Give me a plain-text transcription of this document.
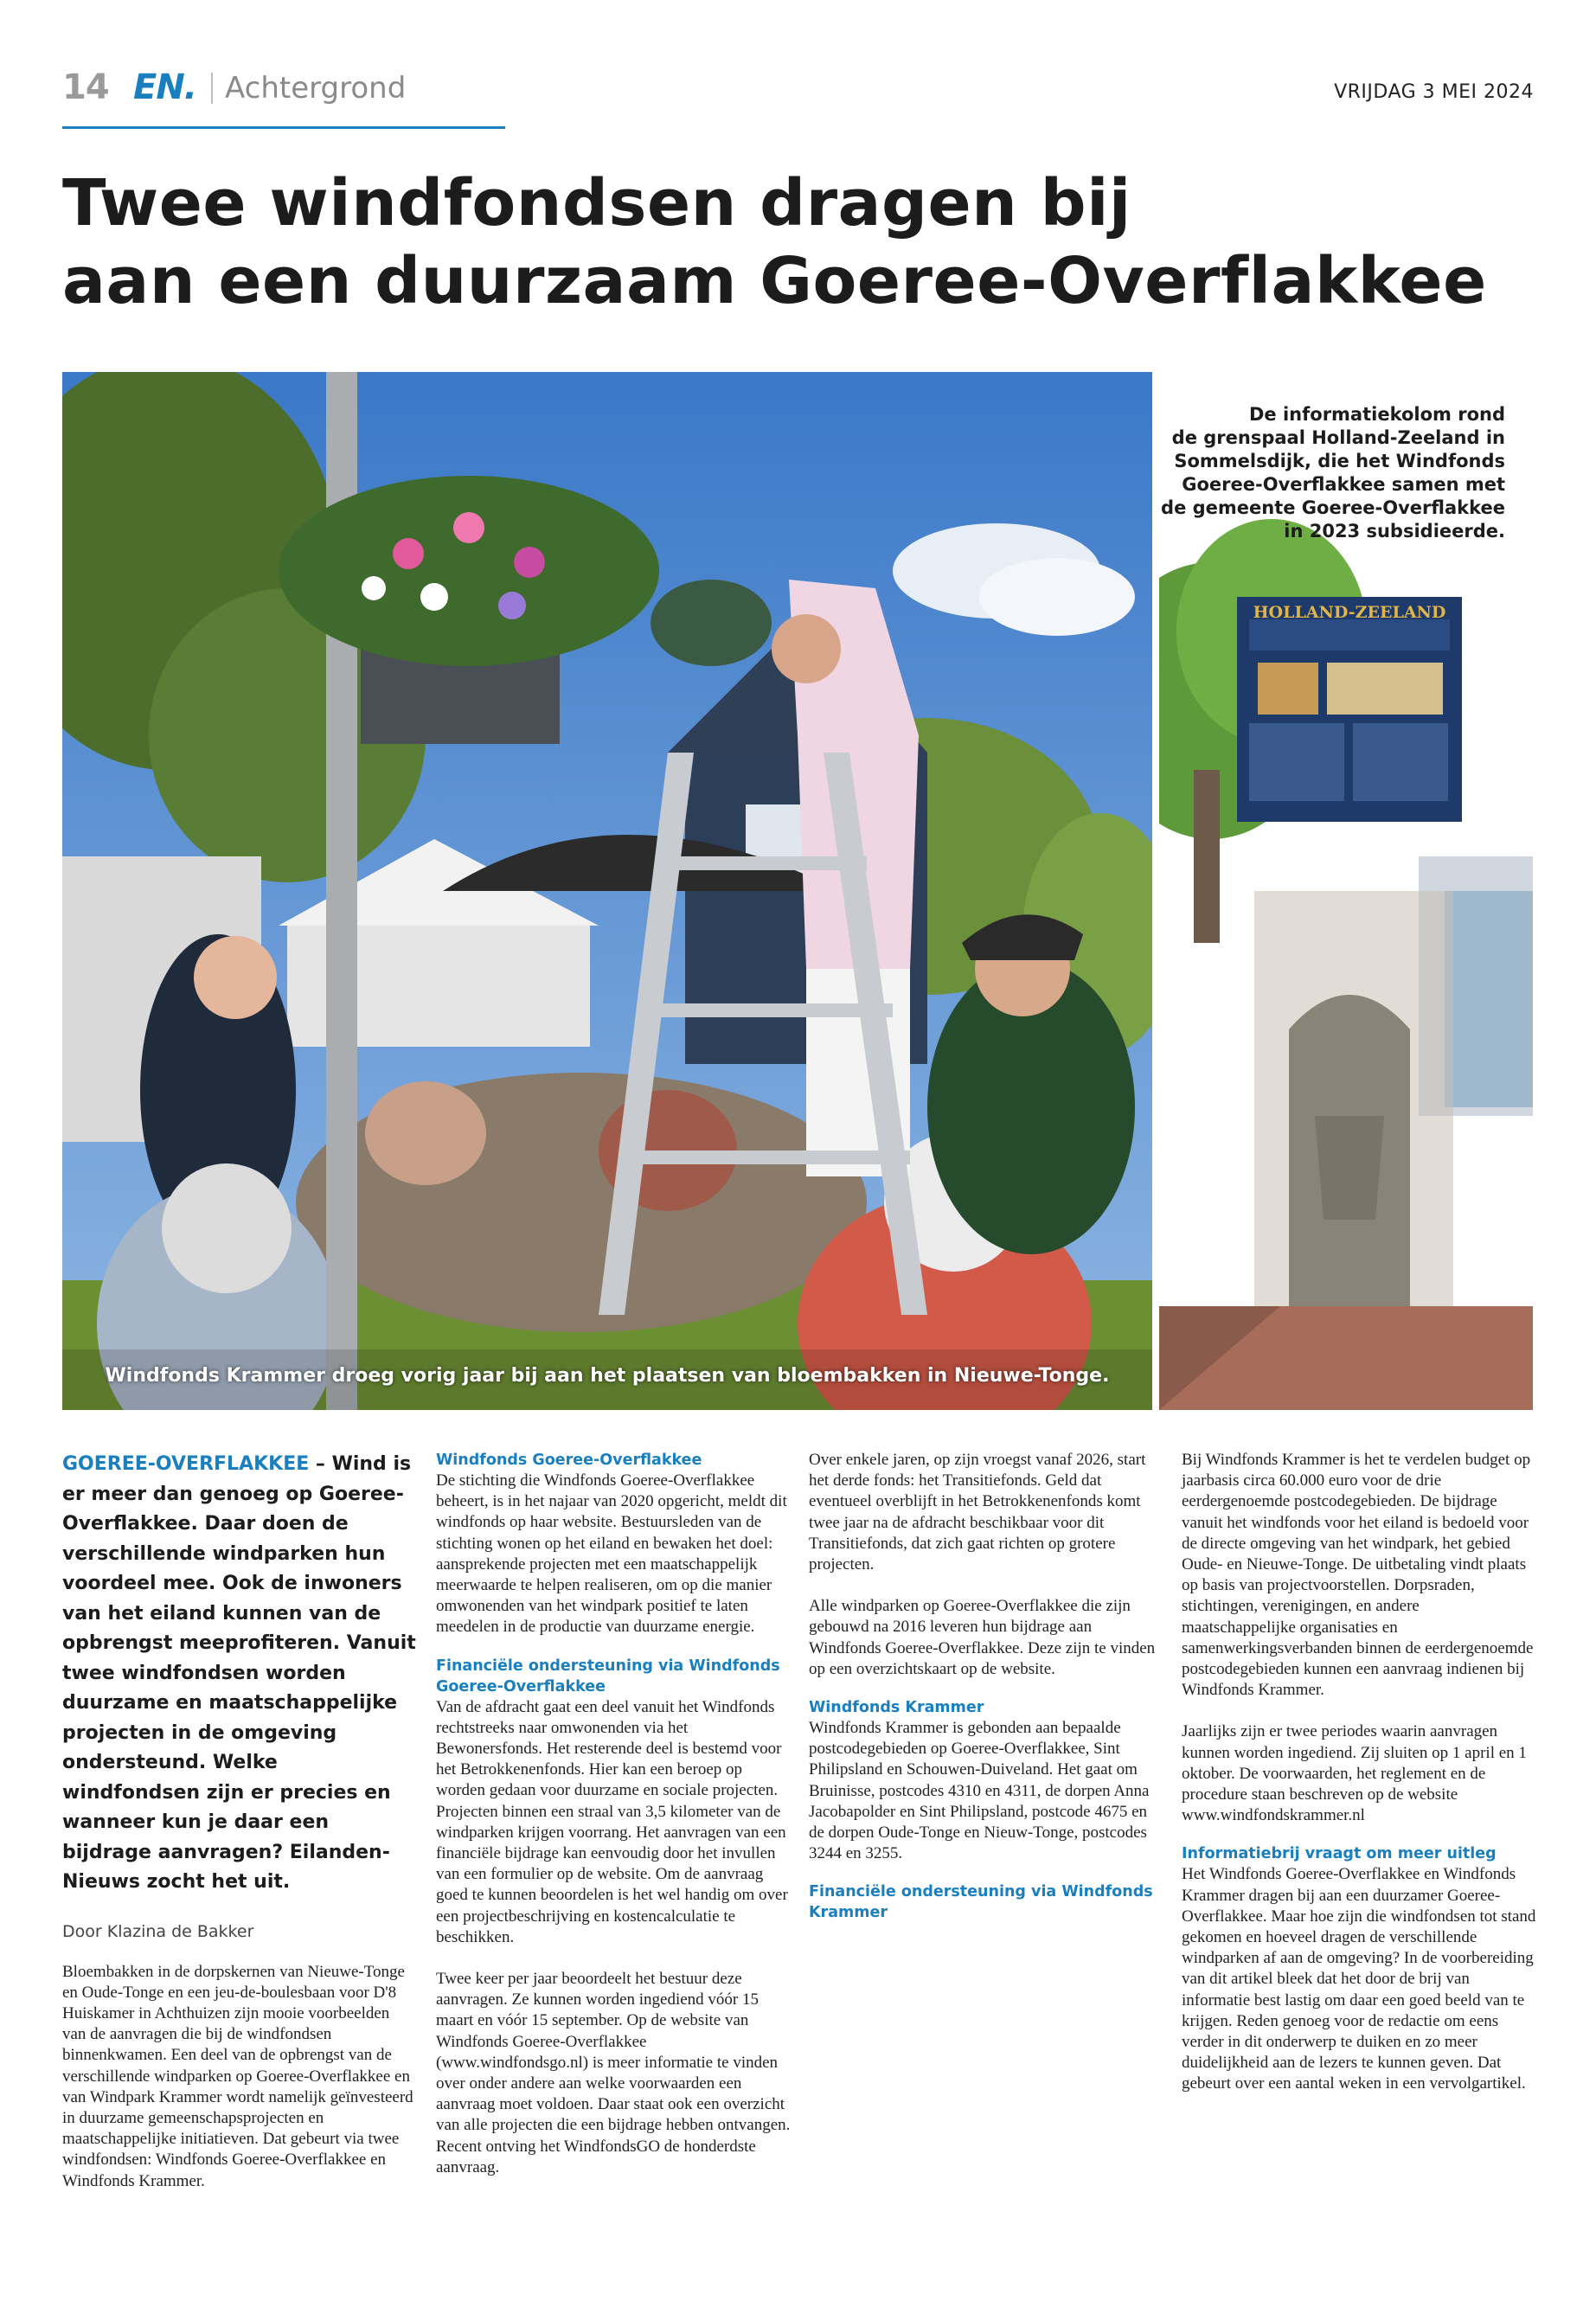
14 EN. Achtergrond	VRIJDAG 3 MEI 2024
Twee windfondsen dragen bij
aan een duurzaam Goeree-Overflakkee
Windfonds Krammer droeg vorig jaar bij aan het plaatsen van bloembakken in Nieuwe-Tonge.
De informatiekolom rond
de grenspaal Holland-Zeeland in
Sommelsdijk, die het Windfonds
Goeree-Overflakkee samen met
de gemeente Goeree-Overflakkee
in 2023 subsidieerde.
HOLLAND-ZEELAND

GOEREE-OVERFLAKKEE – Wind is er meer dan genoeg op Goeree-Overflakkee. Daar doen de verschillende windparken hun voordeel mee. Ook de inwoners van het eiland kunnen van de opbrengst meeprofiteren. Vanuit twee windfondsen worden duurzame en maatschappelijke projecten in de omgeving ondersteund. Welke windfondsen zijn er precies en wanneer kun je daar een bijdrage aanvragen? Eilanden-Nieuws zocht het uit.

Door Klazina de Bakker

Bloembakken in de dorpskernen van Nieuwe-Tonge en Oude-Tonge en een jeu-de-boulesbaan voor D'8 Huiskamer in Achthuizen zijn mooie voorbeelden van de aanvragen die bij de windfondsen binnenkwamen. Een deel van de opbrengst van de verschillende windparken op Goeree-Overflakkee en van Windpark Krammer wordt namelijk geïnvesteerd in duurzame gemeenschapsprojecten en maatschappelijke initiatieven. Dat gebeurt via twee windfondsen: Windfonds Goeree-Overflakkee en Windfonds Krammer.

Windfonds Goeree-Overflakkee

De stichting die Windfonds Goeree-Overflakkee beheert, is in het najaar van 2020 opgericht, meldt dit windfonds op haar website. Bestuursleden van de stichting wonen op het eiland en bewaken het doel: aansprekende projecten met een maatschappelijk meerwaarde te helpen realiseren, om op die manier omwonenden van het windpark positief te laten meedelen in de productie van duurzame energie.

Financiële ondersteuning via Windfonds Goeree-Overflakkee

Van de afdracht gaat een deel vanuit het Windfonds rechtstreeks naar omwonenden via het Bewonersfonds. Het resterende deel is bestemd voor het Betrokkenenfonds. Hier kan een beroep op worden gedaan voor duurzame en sociale projecten. Projecten binnen een straal van 3,5 kilometer van de windparken krijgen voorrang. Het aanvragen van een financiële bijdrage kan eenvoudig door het invullen van een formulier op de website. Om de aanvraag goed te kunnen beoordelen is het wel handig om over een projectbeschrijving en kostencalculatie te beschikken.

Twee keer per jaar beoordeelt het bestuur deze aanvragen. Ze kunnen worden ingediend vóór 15 maart en vóór 15 september. Op de website van Windfonds Goeree-Overflakkee (www.windfondsgo.nl) is meer informatie te vinden over onder andere aan welke voorwaarden een aanvraag moet voldoen. Daar staat ook een overzicht van alle projecten die een bijdrage hebben ontvangen. Recent ontving het WindfondsGO de honderdste aanvraag.

Over enkele jaren, op zijn vroegst vanaf 2026, start het derde fonds: het Transitiefonds. Geld dat eventueel overblijft in het Betrokkenenfonds komt twee jaar na de afdracht beschikbaar voor dit Transitiefonds, dat zich gaat richten op grotere projecten.

Alle windparken op Goeree-Overflakkee die zijn gebouwd na 2016 leveren hun bijdrage aan Windfonds Goeree-Overflakkee. Deze zijn te vinden op een overzichtskaart op de website.

Windfonds Krammer

Windfonds Krammer is gebonden aan bepaalde postcodegebieden op Goeree-Overflakkee, Sint Philipsland en Schouwen-Duiveland. Het gaat om Bruinisse, postcodes 4310 en 4311, de dorpen Anna Jacobapolder en Sint Philipsland, postcode 4675 en de dorpen Oude-Tonge en Nieuw-Tonge, postcodes 3244 en 3255.

Financiële ondersteuning via Windfonds Krammer

Bij Windfonds Krammer is het te verdelen budget op jaarbasis circa 60.000 euro voor de drie eerdergenoemde postcodegebieden. De bijdrage vanuit het windfonds voor het eiland is bedoeld voor de directe omgeving van het windpark, het gebied Oude- en Nieuwe-Tonge. De uitbetaling vindt plaats op basis van projectvoorstellen. Dorpsraden, stichtingen, verenigingen, en andere maatschappelijke organisaties en samenwerkingsverbanden binnen de eerdergenoemde postcodegebieden kunnen een aanvraag indienen bij Windfonds Krammer.

Jaarlijks zijn er twee periodes waarin aanvragen kunnen worden ingediend. Zij sluiten op 1 april en 1 oktober. De voorwaarden, het reglement en de procedure staan beschreven op de website www.windfondskrammer.nl

Informatiebrij vraagt om meer uitleg

Het Windfonds Goeree-Overflakkee en Windfonds Krammer dragen bij aan een duurzamer Goeree-Overflakkee. Maar hoe zijn die windfondsen tot stand gekomen en hoeveel dragen de verschillende windparken af aan de omgeving? In de voorbereiding van dit artikel bleek dat het door de brij van informatie best lastig om daar een goed beeld van te krijgen. Reden genoeg voor de redactie om eens verder in dit onderwerp te duiken en zo meer duidelijkheid aan de lezers te kunnen geven. Dat gebeurt over een aantal weken in een vervolgartikel.
